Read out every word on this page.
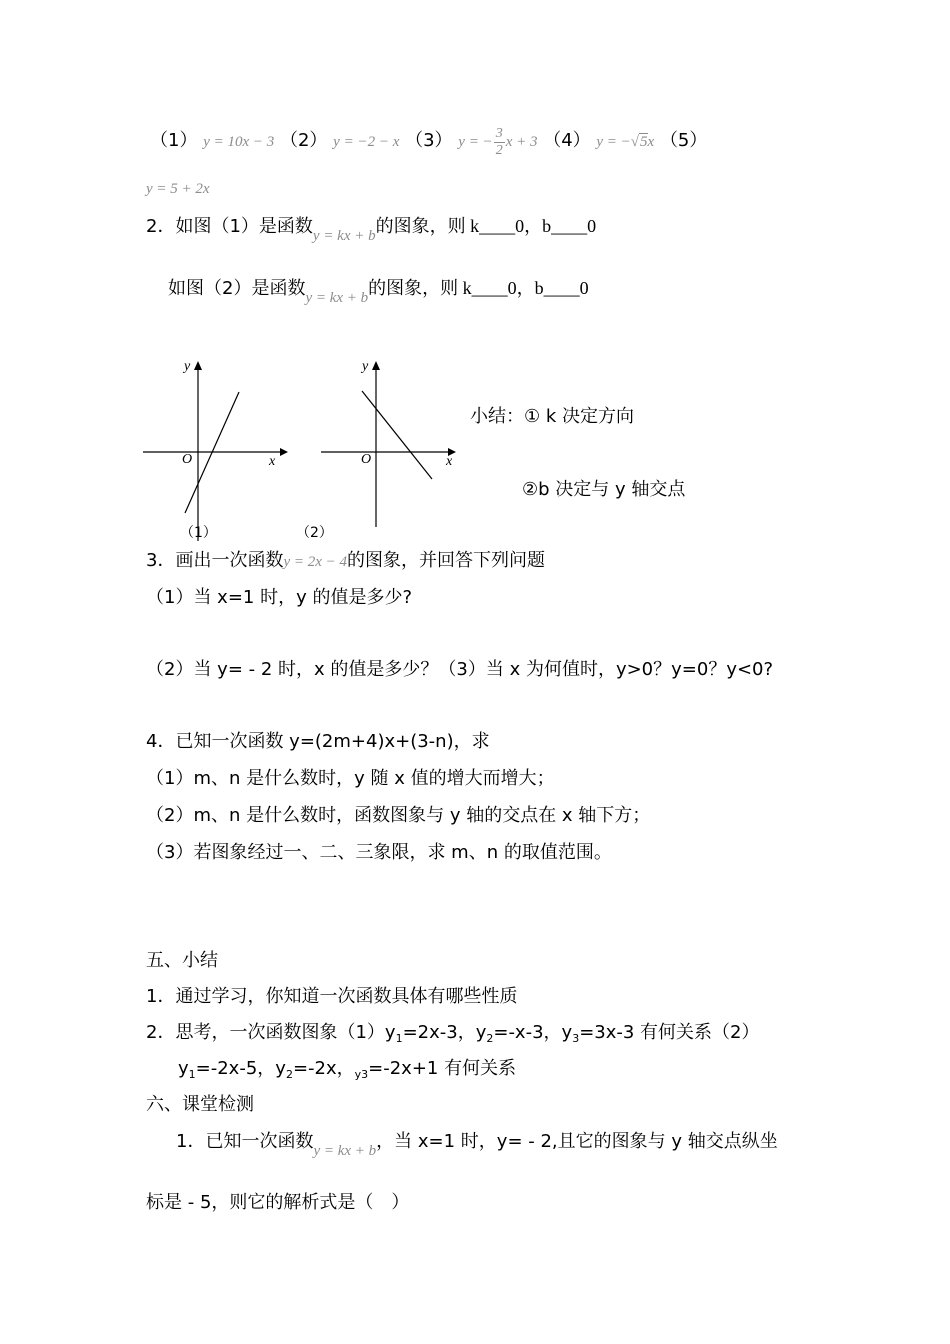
（1） y = 10x − 3 （2） y = −2 − x （3） y = − $\frac{3}{2}$ x + 3 （4） y = −√5x （5）
y = 5 + 2x
2．如图（1）是函数$_{y = kx + b}$的图象，则 k____0，b____0
如图（2）是函数$_{y = kx + b}$的图象，则 k____0，b____0
y
O	x
（1）
y
O	x
（2）
小结：① k 决定方向
②b 决定与 y 轴交点
3．画出一次函数y = 2x − 4的图象，并回答下列问题
（1）当 x=1 时，y 的值是多少?
（2）当 y= - 2 时，x 的值是多少？（3）当 x 为何值时，y>0？y=0？y<0?
4．已知一次函数 y=(2m+4)x+(3-n)，求
（1）m、n 是什么数时，y 随 x 值的增大而增大；
（2）m、n 是什么数时，函数图象与 y 轴的交点在 x 轴下方；
（3）若图象经过一、二、三象限，求 m、n 的取值范围。
五、小结
1．通过学习，你知道一次函数具体有哪些性质
2．思考，一次函数图象$(1)y_1=2x-3$，$y_2=-x-3$，$y_3=3x-3$ 有何关系（2）
$y_1=-2x-5$，$y_2=-2x$，$_{y3}$=-2x+1 有何关系
六、课堂检测
1．已知一次函数$_{y = kx + b}$，当 x=1 时，y= - 2,且它的图象与 y 轴交点纵坐
标是 - 5，则它的解析式是（　）
